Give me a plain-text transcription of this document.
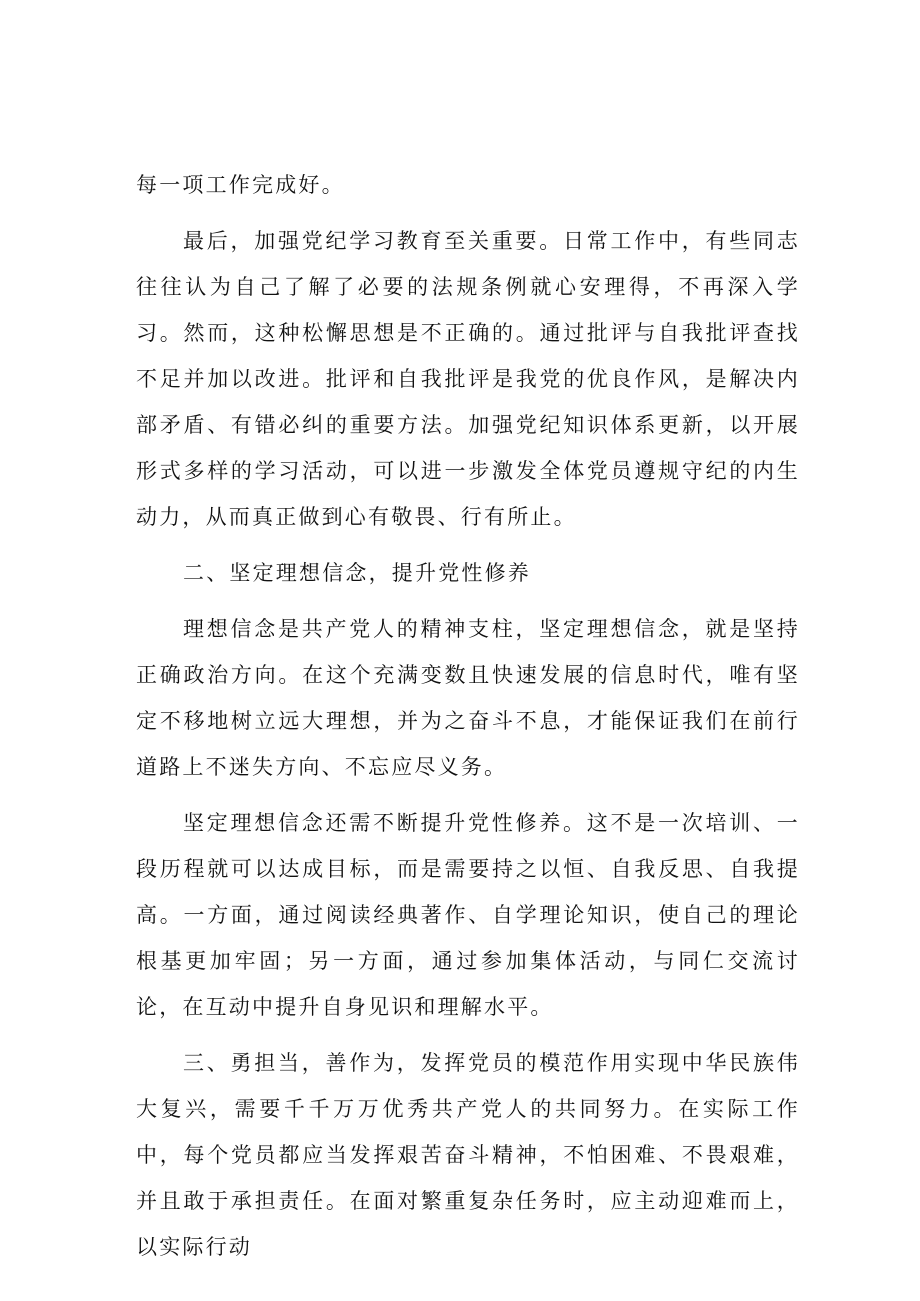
每一项工作完成好。

最后，加强党纪学习教育至关重要。日常工作中，有些同志往往认为自己了解了必要的法规条例就心安理得，不再深入学习。然而，这种松懈思想是不正确的。通过批评与自我批评查找不足并加以改进。批评和自我批评是我党的优良作风，是解决内部矛盾、有错必纠的重要方法。加强党纪知识体系更新，以开展形式多样的学习活动，可以进一步激发全体党员遵规守纪的内生动力，从而真正做到心有敬畏、行有所止。

二、坚定理想信念，提升党性修养

理想信念是共产党人的精神支柱，坚定理想信念，就是坚持正确政治方向。在这个充满变数且快速发展的信息时代，唯有坚定不移地树立远大理想，并为之奋斗不息，才能保证我们在前行道路上不迷失方向、不忘应尽义务。

坚定理想信念还需不断提升党性修养。这不是一次培训、一段历程就可以达成目标，而是需要持之以恒、自我反思、自我提高。一方面，通过阅读经典著作、自学理论知识，使自己的理论根基更加牢固；另一方面，通过参加集体活动，与同仁交流讨论，在互动中提升自身见识和理解水平。

三、勇担当，善作为，发挥党员的模范作用实现中华民族伟大复兴，需要千千万万优秀共产党人的共同努力。在实际工作中，每个党员都应当发挥艰苦奋斗精神，不怕困难、不畏艰难，并且敢于承担责任。在面对繁重复杂任务时，应主动迎难而上，以实际行动
